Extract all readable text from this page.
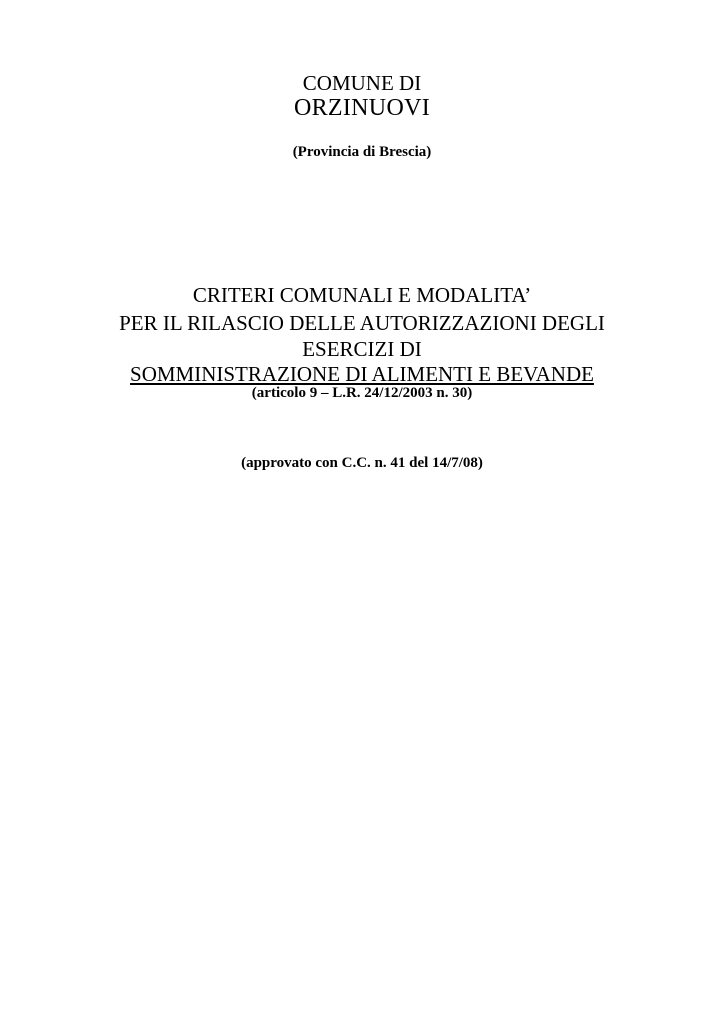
COMUNE DI

ORZINUOVI

(Provincia di Brescia)

CRITERI COMUNALI E MODALITA’

PER IL RILASCIO DELLE AUTORIZZAZIONI DEGLI

ESERCIZI DI

SOMMINISTRAZIONE DI ALIMENTI E BEVANDE

(articolo 9 – L.R. 24/12/2003 n. 30)

(approvato con C.C. n. 41 del 14/7/08)
